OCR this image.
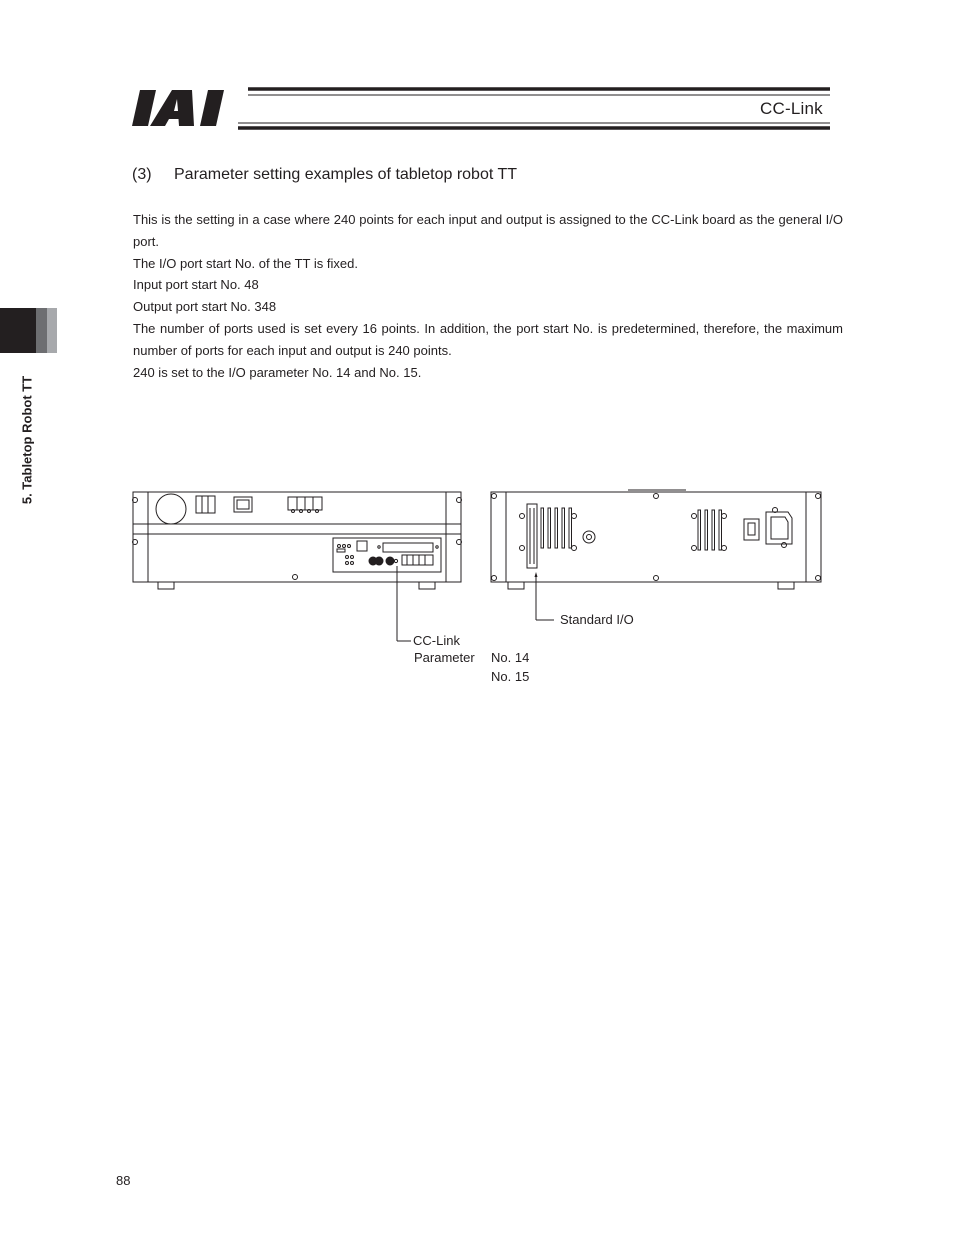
CC-Link
(3) Parameter setting examples of tabletop robot TT

This is the setting in a case where 240 points for each input and output is assigned to the CC-Link board as the general I/O port.

The I/O port start No. of the TT is fixed.

Input port start No. 48

Output port start No. 348

The number of ports used is set every 16 points. In addition, the port start No. is predetermined, therefore, the maximum number of ports for each input and output is 240 points.

240 is set to the I/O parameter No. 14 and No. 15.

5. Tabletop Robot TT
Standard I/O
CC-Link
Parameter No. 14
No. 15
88
